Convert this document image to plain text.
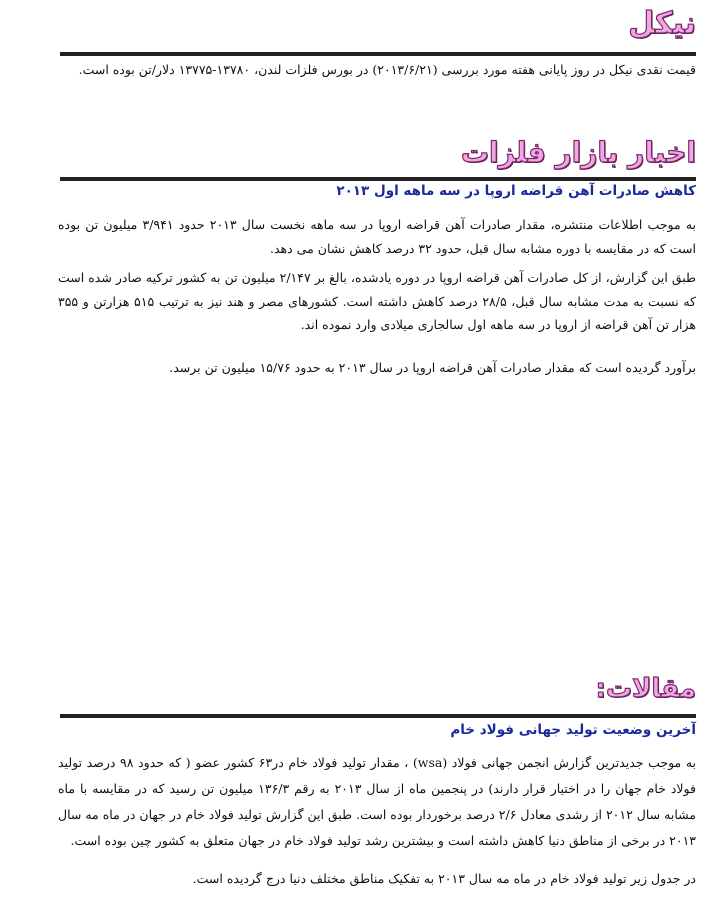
نیکل

قیمت نقدی نیکل در روز پایانی هفته مورد بررسی (۲۰۱۳/۶/۲۱) در بورس فلزات لندن، ۱۳۷۸۰-۱۳۷۷۵ دلار/تن بوده است.

اخبار بازار فلزات
کاهش صادرات آهن قراضه اروپا در سه ماهه اول ۲۰۱۳

به موجب اطلاعات منتشره، مقدار صادرات آهن قراضه اروپا در سه ماهه نخست سال ۲۰۱۳ حدود ۳/۹۴۱ میلیون تن بوده است که در مقایسه با دوره مشابه سال قبل، حدود ۳۲ درصد کاهش نشان می دهد.

طبق این گزارش، از کل صادرات آهن قراضه اروپا در دوره یادشده، بالغ بر ۲/۱۴۷ میلیون تن به کشور ترکیه صادر شده است که نسبت به مدت مشابه سال قبل، ۲۸/۵ درصد کاهش داشته است. کشورهای مصر و هند نیز به ترتیب ۵۱۵ هزارتن و ۳۵۵ هزار تن آهن قراضه از اروپا در سه ماهه اول سالجاری میلادی وارد نموده اند.

برآورد گردیده است که مقدار صادرات آهن قراضه اروپا در سال ۲۰۱۳ به حدود ۱۵/۷۶ میلیون تن برسد.

مقالات:
آخرین وضعیت تولید جهانی فولاد خام

به موجب جدیدترین گزارش انجمن جهانی فولاد (wsa) ، مقدار تولید فولاد خام در۶۳ کشور عضو ( که حدود ۹۸ درصد تولید فولاد خام جهان را در اختیار قرار دارند) در پنجمین ماه از سال ۲۰۱۳ به رقم ۱۳۶/۳ میلیون تن رسید که در مقایسه با ماه مشابه سال ۲۰۱۲ از رشدی معادل ۲/۶ درصد برخوردار بوده است. طبق این گزارش تولید فولاد خام در جهان در ماه مه سال ۲۰۱۳ در برخی از مناطق دنیا کاهش داشته است و بیشترین رشد تولید فولاد خام در جهان متعلق به کشور چین بوده است.

در جدول زیر تولید فولاد خام در ماه مه سال ۲۰۱۳ به تفکیک مناطق مختلف دنیا درج گردیده است.
